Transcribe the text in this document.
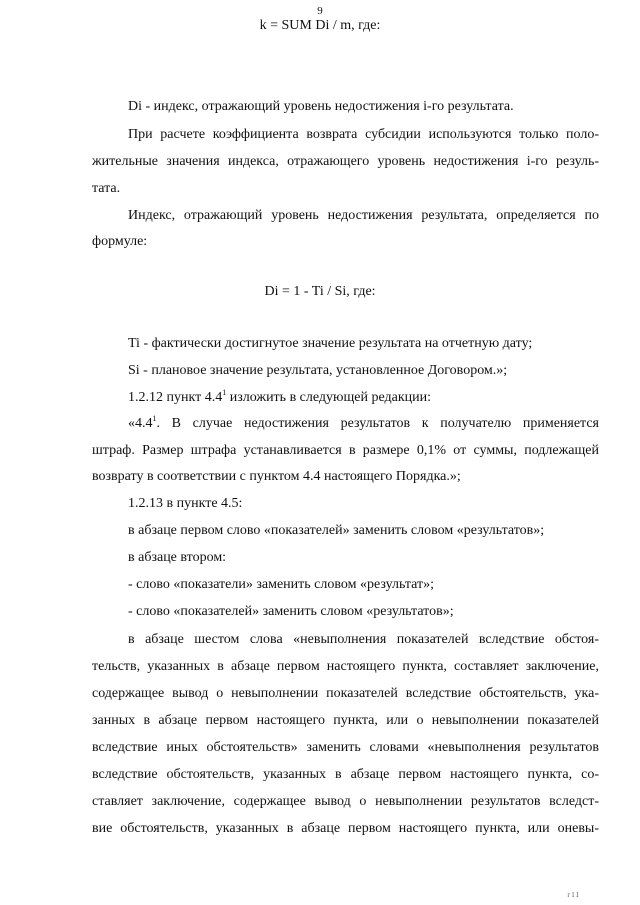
9
k = SUM Di / m, где:
Di - индекс, отражающий уровень недостижения i-го результата.
При расчете коэффициента возврата субсидии используются только поло-
жительные значения индекса, отражающего уровень недостижения i-го резуль-
тата.
Индекс, отражающий уровень недостижения результата, определяется по
формуле:
Di = 1 - Ti / Si, где:
Ti - фактически достигнутое значение результата на отчетную дату;
Si - плановое значение результата, установленное Договором.»;
1.2.12 пункт $4.4^1$ изложить в следующей редакции:
«$4.4^1$. В случае недостижения результатов к получателю применяется
штраф. Размер штрафа устанавливается в размере 0,1% от суммы, подлежащей
возврату в соответствии с пунктом 4.4 настоящего Порядка.»;
1.2.13 в пункте 4.5:
в абзаце первом слово «показателей» заменить словом «результатов»;
в абзаце втором:
- слово «показатели» заменить словом «результат»;
- слово «показателей» заменить словом «результатов»;
в абзаце шестом слова «невыполнения показателей вследствие обстоя-
тельств, указанных в абзаце первом настоящего пункта, составляет заключение,
содержащее вывод о невыполнении показателей вследствие обстоятельств, ука-
занных в абзаце первом настоящего пункта, или о невыполнении показателей
вследствие иных обстоятельств» заменить словами «невыполнения результатов
вследствие обстоятельств, указанных в абзаце первом настоящего пункта, со-
ставляет заключение, содержащее вывод о невыполнении результатов вследст-
вие обстоятельств, указанных в абзаце первом настоящего пункта, или оневы-
г11
